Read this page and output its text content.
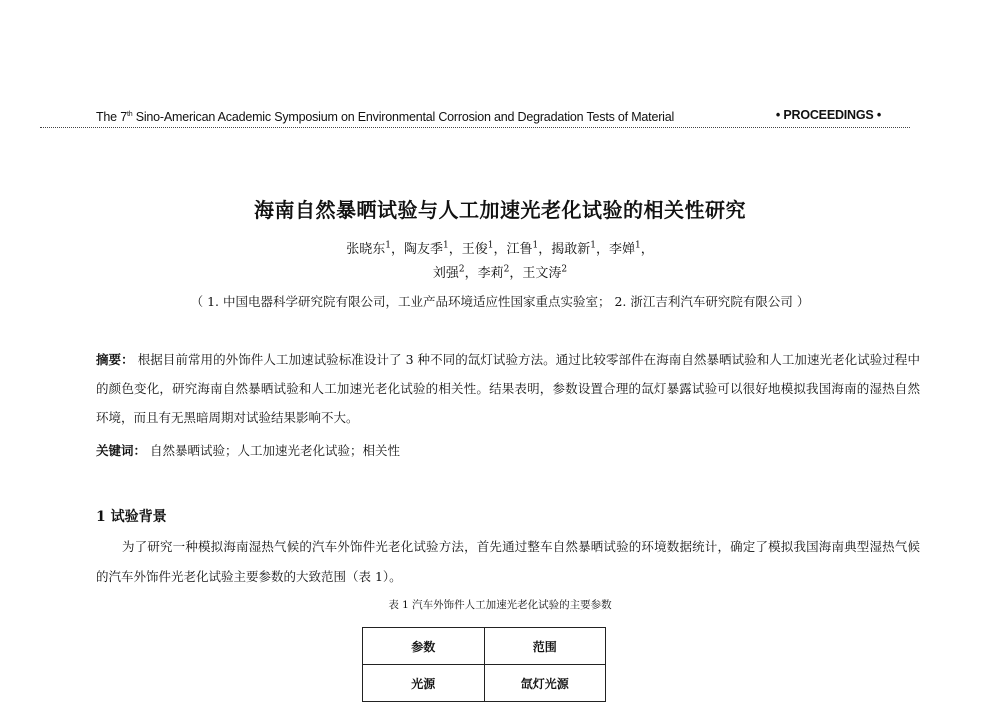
The 7th Sino-American Academic Symposium on Environmental Corrosion and Degradation Tests of Material	• PROCEEDINGS •
海南自然暴晒试验与人工加速光老化试验的相关性研究
张晓东$^1$，陶友季$^1$，王俊$^1$，江鲁$^1$，揭敢新$^1$，李婵$^1$，
刘强$^2$，李莉$^2$，王文涛$^2$
（ 1. 中国电器科学研究院有限公司，工业产品环境适应性国家重点实验室； 2. 浙江吉利汽车研究院有限公司 ）
摘要： 根据目前常用的外饰件人工加速试验标准设计了 3 种不同的氙灯试验方法。通过比较零部件在海南自然暴晒试验和人工加速光老化试验过程中的颜色变化，研究海南自然暴晒试验和人工加速光老化试验的相关性。结果表明，参数设置合理的氙灯暴露试验可以很好地模拟我国海南的湿热自然环境，而且有无黑暗周期对试验结果影响不大。
关键词： 自然暴晒试验；人工加速光老化试验；相关性
1 试验背景
为了研究一种模拟海南湿热气候的汽车外饰件光老化试验方法，首先通过整车自然暴晒试验的环境数据统计，确定了模拟我国海南典型湿热气候的汽车外饰件光老化试验主要参数的大致范围（表 1）。
表 1 汽车外饰件人工加速光老化试验的主要参数
参数	范围
光源	氙灯光源
